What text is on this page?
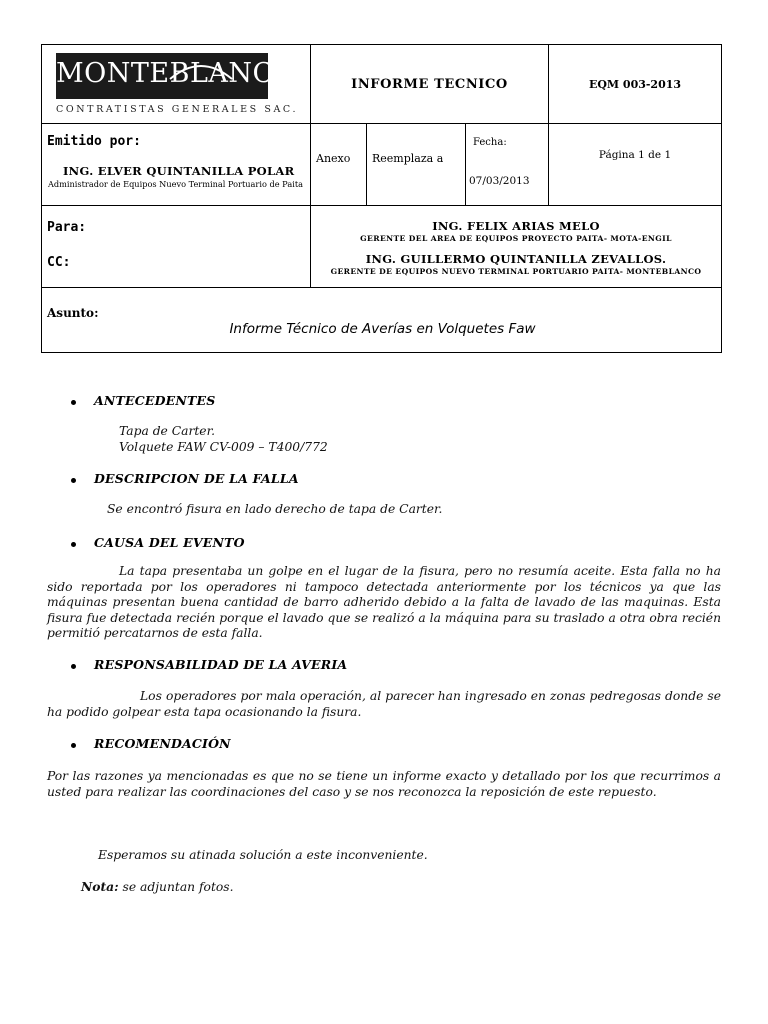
MONTEBLANCO
CONTRATISTAS GENERALES SAC.
INFORME TECNICO	EQM 003-2013
Emitido por:
ING. ELVER QUINTANILLA POLAR
Administrador de Equipos Nuevo Terminal Portuario de Paita
Anexo Reemplaza a
Fecha:
07/03/2013
Página 1 de 1
Para:
CC:
ING. FELIX ARIAS MELO
GERENTE DEL AREA DE EQUIPOS PROYECTO PAITA- MOTA-ENGIL
ING. GUILLERMO QUINTANILLA ZEVALLOS.
GERENTE DE EQUIPOS NUEVO TERMINAL PORTUARIO PAITA- MONTEBLANCO
Asunto:
Informe Técnico de Averías en Volquetes Faw
ANTECEDENTES
Tapa de Carter.
Volquete FAW CV-009 – T400/772
DESCRIPCION DE LA FALLA
Se encontró fisura en lado derecho de tapa de Carter.
CAUSA DEL EVENTO
La tapa presentaba un golpe en el lugar de la fisura, pero no resumía aceite. Esta falla no ha sido reportada por los operadores ni tampoco detectada anteriormente por los técnicos ya que las máquinas presentan buena cantidad de barro adherido debido a la falta de lavado de las maquinas. Esta fisura fue detectada recién porque el lavado que se realizó a la máquina para su traslado a otra obra recién permitió percatarnos de esta falla.
RESPONSABILIDAD DE LA AVERIA
Los operadores por mala operación, al parecer han ingresado en zonas pedregosas donde se ha podido golpear esta tapa ocasionando la fisura.
RECOMENDACIÓN
Por las razones ya mencionadas es que no se tiene un informe exacto y detallado por los que recurrimos a usted para realizar las coordinaciones del caso y se nos reconozca la reposición de este repuesto.
Esperamos su atinada solución a este inconveniente.
Nota: se adjuntan fotos.
